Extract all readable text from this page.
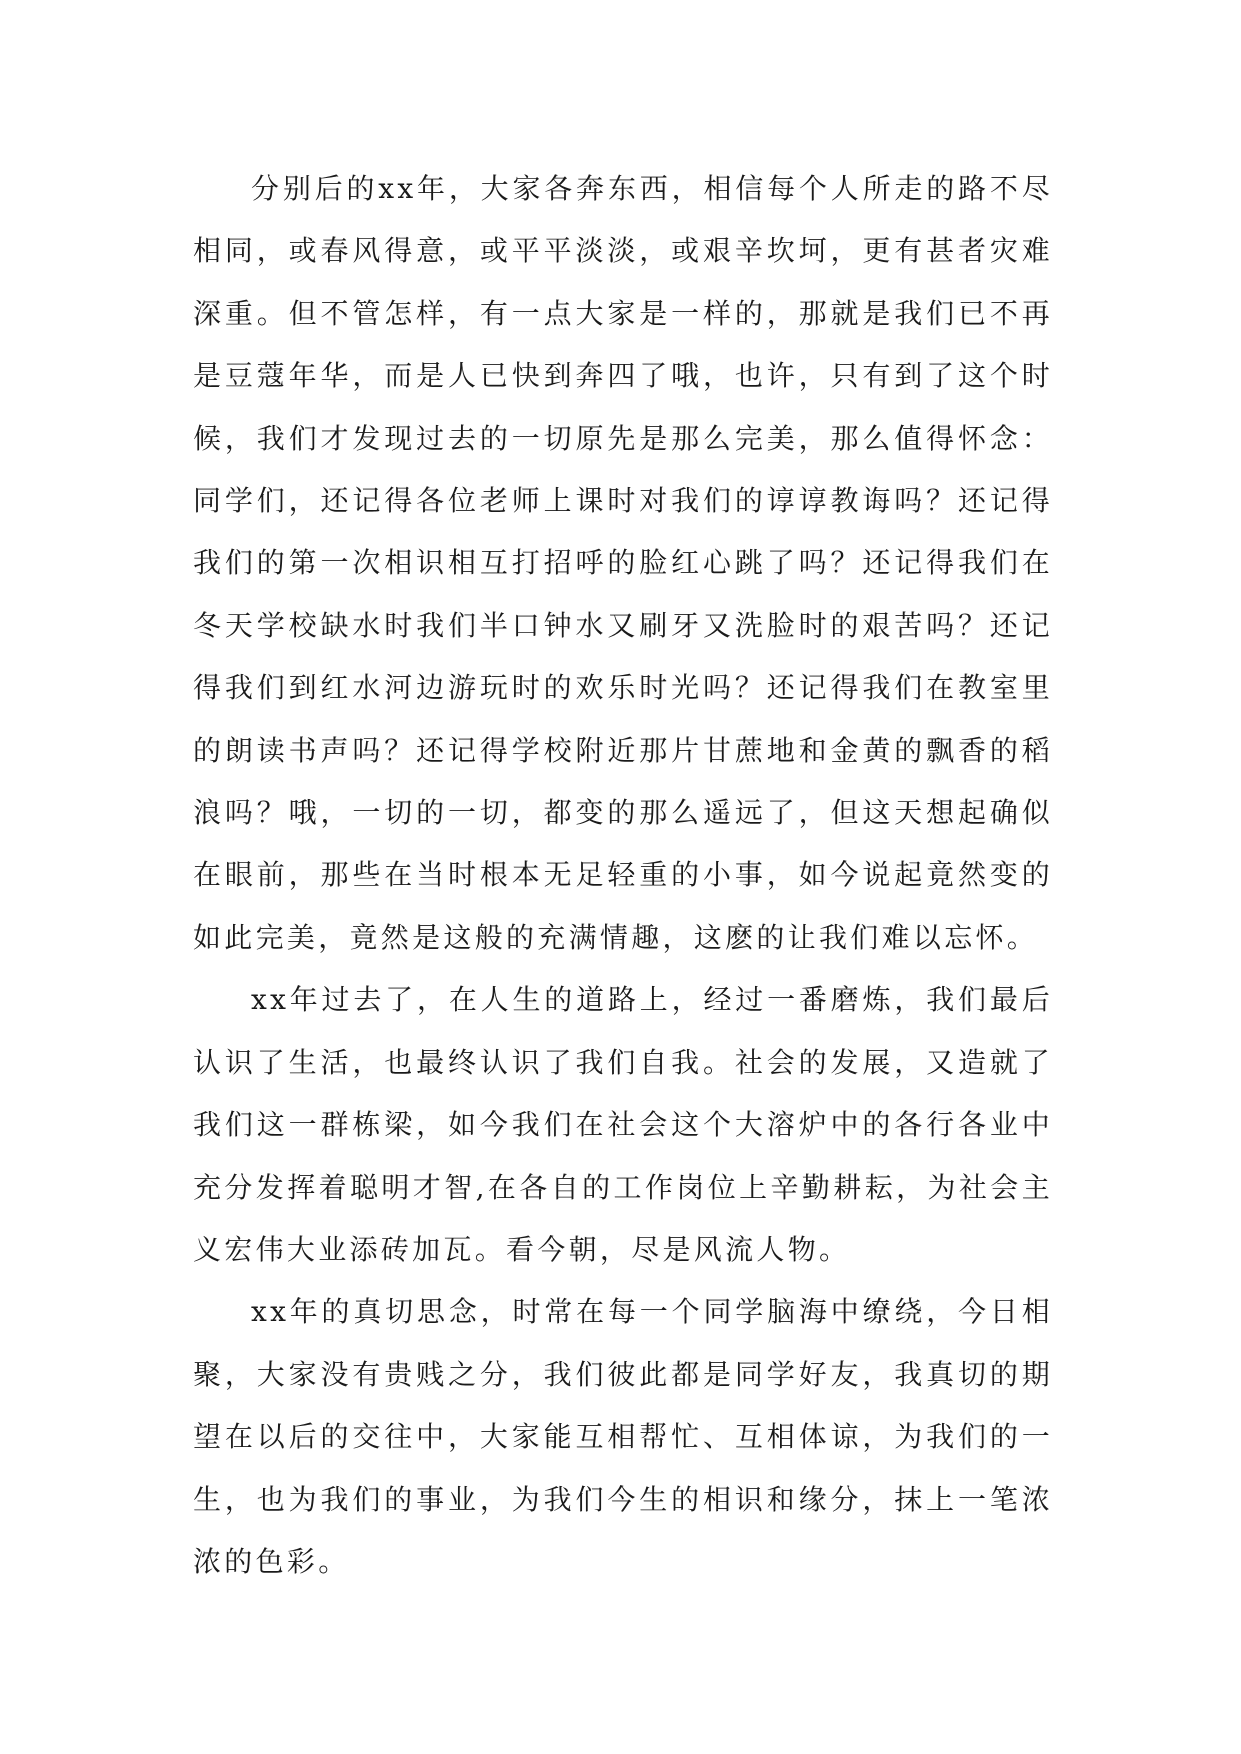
分别后的xx年，大家各奔东西，相信每个人所走的路不尽相同，或春风得意，或平平淡淡，或艰辛坎坷，更有甚者灾难深重。但不管怎样，有一点大家是一样的，那就是我们已不再是豆蔻年华，而是人已快到奔四了哦，也许，只有到了这个时候，我们才发现过去的一切原先是那么完美，那么值得怀念：同学们，还记得各位老师上课时对我们的谆谆教诲吗？还记得我们的第一次相识相互打招呼的脸红心跳了吗？还记得我们在冬天学校缺水时我们半口钟水又刷牙又洗脸时的艰苦吗？还记得我们到红水河边游玩时的欢乐时光吗？还记得我们在教室里的朗读书声吗？还记得学校附近那片甘蔗地和金黄的飘香的稻浪吗？哦，一切的一切，都变的那么遥远了，但这天想起确似在眼前，那些在当时根本无足轻重的小事，如今说起竟然变的如此完美，竟然是这般的充满情趣，这麽的让我们难以忘怀。

xx年过去了，在人生的道路上，经过一番磨炼，我们最后认识了生活，也最终认识了我们自我。社会的发展，又造就了我们这一群栋梁，如今我们在社会这个大溶炉中的各行各业中充分发挥着聪明才智,在各自的工作岗位上辛勤耕耘，为社会主义宏伟大业添砖加瓦。看今朝，尽是风流人物。

xx年的真切思念，时常在每一个同学脑海中缭绕，今日相聚，大家没有贵贱之分，我们彼此都是同学好友，我真切的期望在以后的交往中，大家能互相帮忙、互相体谅，为我们的一生，也为我们的事业，为我们今生的相识和缘分，抹上一笔浓浓的色彩。
